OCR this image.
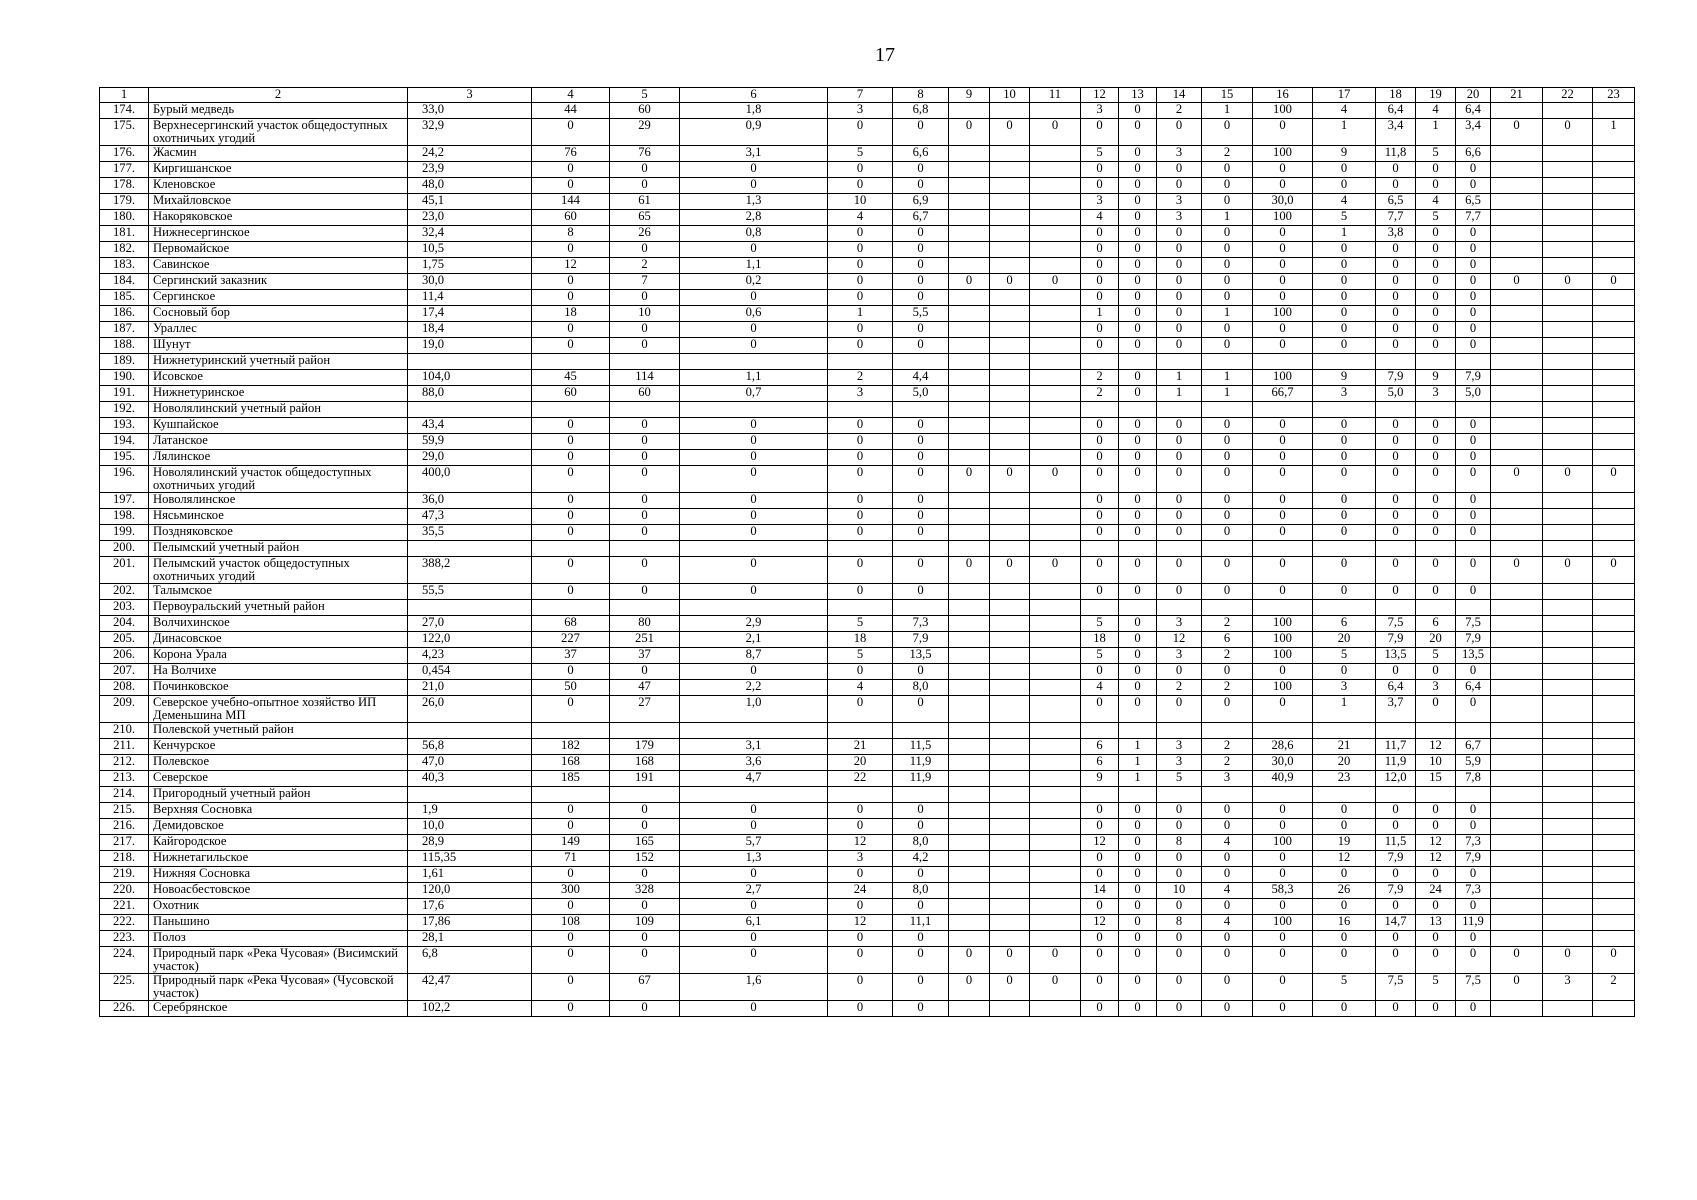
17
1	2	3	4	5	6	7	8	9	10	11	12	13	14	15	16	17	18	19	20	21	22	23
174.	Бурый медведь	33,0	44	60	1,8	3	6,8				3	0	2	1	100	4	6,4	4	6,4			
175.	Верхнесергинский участок общедоступных охотничьих угодий	32,9	0	29	0,9	0	0	0	0	0	0	0	0	0	0	1	3,4	1	3,4	0	0	1
176.	Жасмин	24,2	76	76	3,1	5	6,6				5	0	3	2	100	9	11,8	5	6,6			
177.	Киргишанское	23,9	0	0	0	0	0				0	0	0	0	0	0	0	0	0			
178.	Кленовское	48,0	0	0	0	0	0				0	0	0	0	0	0	0	0	0			
179.	Михайловское	45,1	144	61	1,3	10	6,9				3	0	3	0	30,0	4	6,5	4	6,5			
180.	Накоряковское	23,0	60	65	2,8	4	6,7				4	0	3	1	100	5	7,7	5	7,7			
181.	Нижнесергинское	32,4	8	26	0,8	0	0				0	0	0	0	0	1	3,8	0	0			
182.	Первомайское	10,5	0	0	0	0	0				0	0	0	0	0	0	0	0	0			
183.	Савинское	1,75	12	2	1,1	0	0				0	0	0	0	0	0	0	0	0			
184.	Сергинский заказник	30,0	0	7	0,2	0	0	0	0	0	0	0	0	0	0	0	0	0	0	0	0	0
185.	Сергинское	11,4	0	0	0	0	0				0	0	0	0	0	0	0	0	0			
186.	Сосновый бор	17,4	18	10	0,6	1	5,5				1	0	0	1	100	0	0	0	0			
187.	Ураллес	18,4	0	0	0	0	0				0	0	0	0	0	0	0	0	0			
188.	Шунут	19,0	0	0	0	0	0				0	0	0	0	0	0	0	0	0			
189.	Нижнетуринский учетный район																					
190.	Исовское	104,0	45	114	1,1	2	4,4				2	0	1	1	100	9	7,9	9	7,9			
191.	Нижнетуринское	88,0	60	60	0,7	3	5,0				2	0	1	1	66,7	3	5,0	3	5,0			
192.	Новолялинский учетный район																					
193.	Кушпайское	43,4	0	0	0	0	0				0	0	0	0	0	0	0	0	0			
194.	Латанское	59,9	0	0	0	0	0				0	0	0	0	0	0	0	0	0			
195.	Лялинское	29,0	0	0	0	0	0				0	0	0	0	0	0	0	0	0			
196.	Новолялинский участок общедоступных охотничьих угодий	400,0	0	0	0	0	0	0	0	0	0	0	0	0	0	0	0	0	0	0	0	0
197.	Новолялинское	36,0	0	0	0	0	0				0	0	0	0	0	0	0	0	0			
198.	Нясьминское	47,3	0	0	0	0	0				0	0	0	0	0	0	0	0	0			
199.	Поздняковское	35,5	0	0	0	0	0				0	0	0	0	0	0	0	0	0			
200.	Пелымский учетный район																					
201.	Пелымский участок общедоступных охотничьих угодий	388,2	0	0	0	0	0	0	0	0	0	0	0	0	0	0	0	0	0	0	0	0
202.	Талымское	55,5	0	0	0	0	0				0	0	0	0	0	0	0	0	0			
203.	Первоуральский учетный район																					
204.	Волчихинское	27,0	68	80	2,9	5	7,3				5	0	3	2	100	6	7,5	6	7,5			
205.	Динасовское	122,0	227	251	2,1	18	7,9				18	0	12	6	100	20	7,9	20	7,9			
206.	Корона Урала	4,23	37	37	8,7	5	13,5				5	0	3	2	100	5	13,5	5	13,5			
207.	На Волчихе	0,454	0	0	0	0	0				0	0	0	0	0	0	0	0	0			
208.	Починковское	21,0	50	47	2,2	4	8,0				4	0	2	2	100	3	6,4	3	6,4			
209.	Северское учебно-опытное хозяйство ИП Деменьшина МП	26,0	0	27	1,0	0	0				0	0	0	0	0	1	3,7	0	0			
210.	Полевской учетный район																					
211.	Кенчурское	56,8	182	179	3,1	21	11,5				6	1	3	2	28,6	21	11,7	12	6,7			
212.	Полевское	47,0	168	168	3,6	20	11,9				6	1	3	2	30,0	20	11,9	10	5,9			
213.	Северское	40,3	185	191	4,7	22	11,9				9	1	5	3	40,9	23	12,0	15	7,8			
214.	Пригородный учетный район																					
215.	Верхняя Сосновка	1,9	0	0	0	0	0				0	0	0	0	0	0	0	0	0			
216.	Демидовское	10,0	0	0	0	0	0				0	0	0	0	0	0	0	0	0			
217.	Кайгородское	28,9	149	165	5,7	12	8,0				12	0	8	4	100	19	11,5	12	7,3			
218.	Нижнетагильское	115,35	71	152	1,3	3	4,2				0	0	0	0	0	12	7,9	12	7,9			
219.	Нижняя Сосновка	1,61	0	0	0	0	0				0	0	0	0	0	0	0	0	0			
220.	Новоасбестовское	120,0	300	328	2,7	24	8,0				14	0	10	4	58,3	26	7,9	24	7,3			
221.	Охотник	17,6	0	0	0	0	0				0	0	0	0	0	0	0	0	0			
222.	Паньшино	17,86	108	109	6,1	12	11,1				12	0	8	4	100	16	14,7	13	11,9			
223.	Полоз	28,1	0	0	0	0	0				0	0	0	0	0	0	0	0	0			
224.	Природный парк «Река Чусовая» (Висимский участок)	6,8	0	0	0	0	0	0	0	0	0	0	0	0	0	0	0	0	0	0	0	0
225.	Природный парк «Река Чусовая» (Чусовской участок)	42,47	0	67	1,6	0	0	0	0	0	0	0	0	0	0	5	7,5	5	7,5	0	3	2
226.	Серебрянское	102,2	0	0	0	0	0				0	0	0	0	0	0	0	0	0			
